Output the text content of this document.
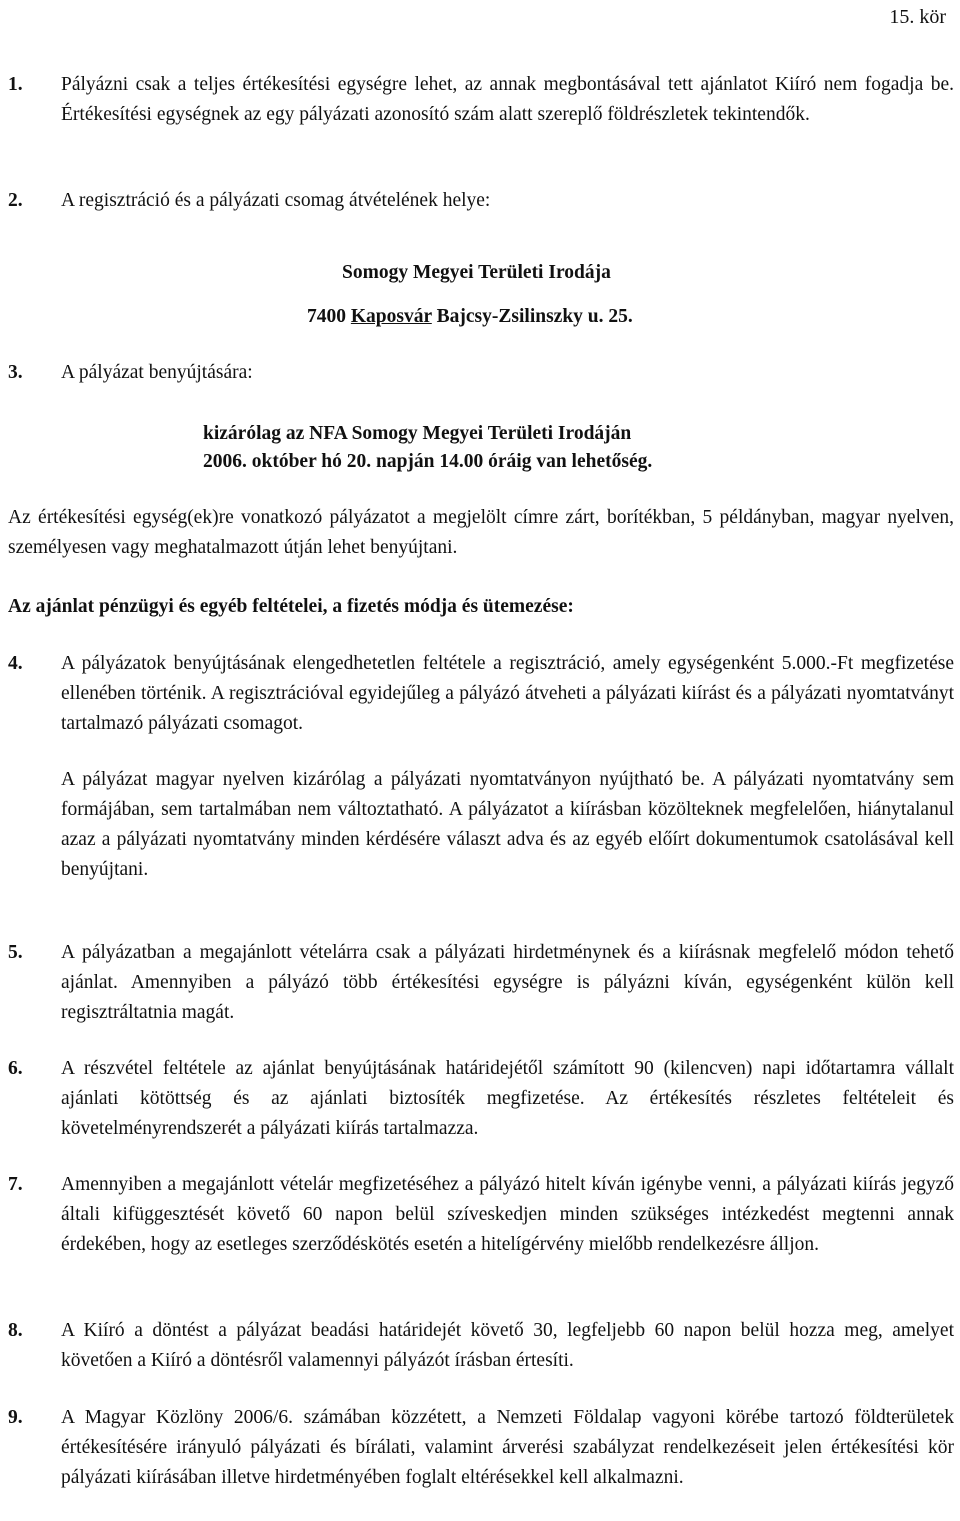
15. kör
1. Pályázni csak a teljes értékesítési egységre lehet, az annak megbontásával tett ajánlatot Kiíró nem fogadja be. Értékesítési egységnek az egy pályázati azonosító szám alatt szereplő földrészletek tekintendők.
2. A regisztráció és a pályázati csomag átvételének helye:
Somogy Megyei Területi Irodája
7400 Kaposvár Bajcsy-Zsilinszky u. 25.
3. A pályázat benyújtására:
kizárólag az NFA Somogy Megyei Területi Irodáján
2006. október hó 20. napján 14.00 óráig van lehetőség.
Az értékesítési egység(ek)re vonatkozó pályázatot a megjelölt címre zárt, borítékban, 5 példányban, magyar nyelven, személyesen vagy meghatalmazott útján lehet benyújtani.
Az ajánlat pénzügyi és egyéb feltételei, a fizetés módja és ütemezése:
4. A pályázatok benyújtásának elengedhetetlen feltétele a regisztráció, amely egységenként 5.000.-Ft megfizetése ellenében történik. A regisztrációval egyidejűleg a pályázó átveheti a pályázati kiírást és a pályázati nyomtatványt tartalmazó pályázati csomagot.
A pályázat magyar nyelven kizárólag a pályázati nyomtatványon nyújtható be. A pályázati nyomtatvány sem formájában, sem tartalmában nem változtatható. A pályázatot a kiírásban közölteknek megfelelően, hiánytalanul azaz a pályázati nyomtatvány minden kérdésére választ adva és az egyéb előírt dokumentumok csatolásával kell benyújtani.
5. A pályázatban a megajánlott vételárra csak a pályázati hirdetménynek és a kiírásnak megfelelő módon tehető ajánlat. Amennyiben a pályázó több értékesítési egységre is pályázni kíván, egységenként külön kell regisztráltatnia magát.
6. A részvétel feltétele az ajánlat benyújtásának határidejétől számított 90 (kilencven) napi időtartamra vállalt ajánlati kötöttség és az ajánlati biztosíték megfizetése. Az értékesítés részletes feltételeit és követelményrendszerét a pályázati kiírás tartalmazza.
7. Amennyiben a megajánlott vételár megfizetéséhez a pályázó hitelt kíván igénybe venni, a pályázati kiírás jegyző általi kifüggesztését követő 60 napon belül szíveskedjen minden szükséges intézkedést megtenni annak érdekében, hogy az esetleges szerződéskötés esetén a hitelígérvény mielőbb rendelkezésre álljon.
8. A Kiíró a döntést a pályázat beadási határidejét követő 30, legfeljebb 60 napon belül hozza meg, amelyet követően a Kiíró a döntésről valamennyi pályázót írásban értesíti.
9. A Magyar Közlöny 2006/6. számában közzétett, a Nemzeti Földalap vagyoni körébe tartozó földterületek értékesítésére irányuló pályázati és bírálati, valamint árverési szabályzat rendelkezéseit jelen értékesítési kör pályázati kiírásában illetve hirdetményében foglalt eltérésekkel kell alkalmazni.
